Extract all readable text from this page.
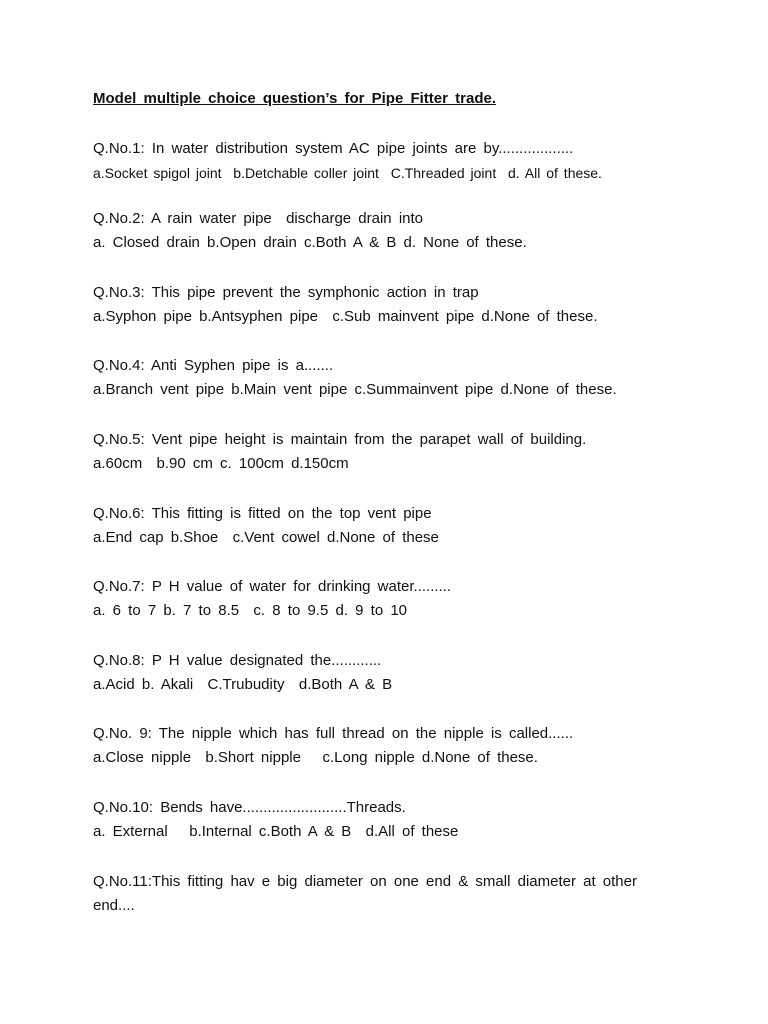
Model multiple choice question’s for Pipe Fitter trade.
Q.No.1: In water distribution system AC pipe joints are by..................
a.Socket spigol joint  b.Detchable coller joint  C.Threaded joint  d. All of these.
Q.No.2: A rain water pipe  discharge drain into
a. Closed drain b.Open drain c.Both A & B d. None of these.
Q.No.3: This pipe prevent the symphonic action in trap
a.Syphon pipe b.Antsyphen pipe  c.Sub mainvent pipe d.None of these.
Q.No.4: Anti Syphen pipe is a.......
a.Branch vent pipe b.Main vent pipe c.Summainvent pipe d.None of these.
Q.No.5: Vent pipe height is maintain from the parapet wall of building.
a.60cm  b.90 cm c. 100cm d.150cm
Q.No.6: This fitting is fitted on the top vent pipe
a.End cap b.Shoe  c.Vent cowel d.None of these
Q.No.7: P H value of water for drinking water.........
a. 6 to 7 b. 7 to 8.5  c. 8 to 9.5 d. 9 to 10
Q.No.8: P H value designated the............
a.Acid b. Akali  C.Trubudity  d.Both A & B
Q.No. 9: The nipple which has full thread on the nipple is called......
a.Close nipple  b.Short nipple   c.Long nipple d.None of these.
Q.No.10: Bends have.........................Threads.
a. External   b.Internal c.Both A & B  d.All of these
Q.No.11:This fitting hav e big diameter on one end & small diameter at other end....
